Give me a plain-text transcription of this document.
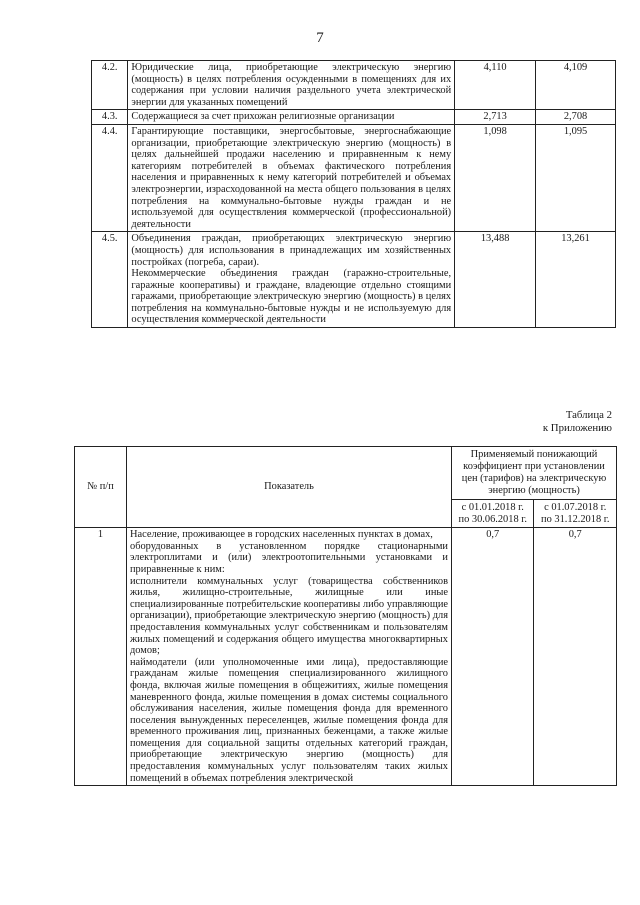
7
4.2.	Юридические лица, приобретающие электрическую энергию (мощность) в целях потребления осужденными в помещениях для их содержания при условии наличия раздельного учета электрической энергии для указанных помещений	4,110	4,109
4.3.	Содержащиеся за счет прихожан религиозные организации	2,713	2,708
4.4.	Гарантирующие поставщики, энергосбытовые, энергоснабжающие организации, приобретающие электрическую энергию (мощность) в целях дальнейшей продажи населению и приравненным к нему категориям потребителей в объемах фактического потребления населения и приравненных к нему категорий потребителей и объемах электроэнергии, израсходованной на места общего пользования в целях потребления на коммунально-бытовые нужды граждан и не используемой для осуществления коммерческой (профессиональной) деятельности	1,098	1,095
4.5.	Объединения граждан, приобретающих электрическую энергию (мощность) для использования в принадлежащих им хозяйственных постройках (погреба, сараи).

Некоммерческие объединения граждан (гаражно-строительные, гаражные кооперативы) и граждане, владеющие отдельно стоящими гаражами, приобретающие электрическую энергию (мощность) в целях потребления на коммунально-бытовые нужды и не используемую для осуществления коммерческой деятельности	13,488	13,261
Таблица 2
к Приложению
№ п/п	Показатель	Применяемый понижающий коэффициент при установлении цен (тарифов) на электрическую энергию (мощность)	
		с 01.01.2018 г. по 30.06.2018 г.	с 01.07.2018 г. по 31.12.2018 г.
1	Население, проживающее в городских населенных пунктах в домах,
оборудованных в установленном порядке стационарными электроплитами и (или) электроотопительными установками и приравненные к ним:
исполнители коммунальных услуг (товарищества собственников жилья, жилищно-строительные, жилищные или иные специализированные потребительские кооперативы либо управляющие организации), приобретающие электрическую энергию (мощность) для предоставления коммунальных услуг собственникам и пользователям жилых помещений и содержания общего имущества многоквартирных домов;
наймодатели (или уполномоченные ими лица), предоставляющие гражданам жилые помещения специализированного жилищного фонда, включая жилые помещения в общежитиях, жилые помещения маневренного фонда, жилые помещения в домах системы социального обслуживания населения, жилые помещения фонда для временного поселения вынужденных переселенцев, жилые помещения фонда для временного проживания лиц, признанных беженцами, а также жилые помещения для социальной защиты отдельных категорий граждан, приобретающие электрическую энергию (мощность) для предоставления коммунальных услуг пользователям таких жилых помещений в объемах потребления электрической	0,7	0,7
